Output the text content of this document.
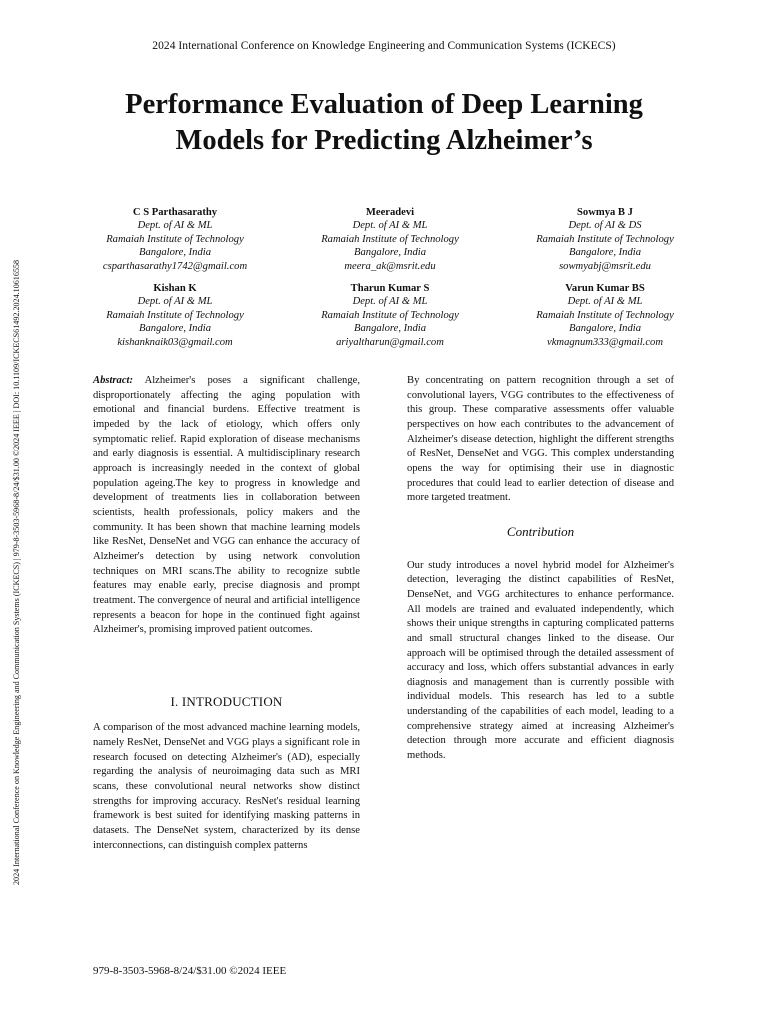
2024 International Conference on Knowledge Engineering and Communication Systems (ICKECS)
Performance Evaluation of Deep Learning
Models for Predicting Alzheimer’s
2024 International Conference on Knowledge Engineering and Communication Systems (ICKECS) | 979-8-3503-5968-8/24/$31.00 ©2024 IEEE | DOI: 10.1109/ICKECS61492.2024.10616558
C S Parthasarathy
Dept. of AI & ML
Ramaiah Institute of Technology
Bangalore, India
csparthasarathy1742@gmail.com
Meeradevi
Dept. of AI & ML
Ramaiah Institute of Technology
Bangalore, India
meera_ak@msrit.edu
Sowmya B J
Dept. of AI & DS
Ramaiah Institute of Technology
Bangalore, India
sowmyabj@msrit.edu
Kishan K
Dept. of AI & ML
Ramaiah Institute of Technology
Bangalore, India
kishanknaik03@gmail.com
Tharun Kumar S
Dept. of AI & ML
Ramaiah Institute of Technology
Bangalore, India
ariyaltharun@gmail.com
Varun Kumar BS
Dept. of AI & ML
Ramaiah Institute of Technology
Bangalore, India
vkmagnum333@gmail.com

Abstract: Alzheimer's poses a significant challenge, disproportionately affecting the aging population with emotional and financial burdens. Effective treatment is impeded by the lack of etiology, which offers only symptomatic relief. Rapid exploration of disease mechanisms and early diagnosis is essential. A multidisciplinary research approach is increasingly needed in the context of global population ageing.The key to progress in knowledge and development of treatments lies in collaboration between scientists, health professionals, policy makers and the community. It has been shown that machine learning models like ResNet, DenseNet and VGG can enhance the accuracy of Alzheimer's detection by using network convolution techniques on MRI scans.The ability to recognize subtle features may enable early, precise diagnosis and prompt treatment. The convergence of neural and artificial intelligence represents a beacon for hope in the continued fight against Alzheimer's, promising improved patient outcomes.

I. INTRODUCTION

A comparison of the most advanced machine learning models, namely ResNet, DenseNet and VGG plays a significant role in research focused on detecting Alzheimer's (AD), especially regarding the analysis of neuroimaging data such as MRI scans, these convolutional neural networks show distinct strengths for improving accuracy. ResNet's residual learning framework is best suited for identifying masking patterns in datasets. The DenseNet system, characterized by its dense interconnections, can distinguish complex patterns

By concentrating on pattern recognition through a set of convolutional layers, VGG contributes to the effectiveness of this group. These comparative assessments offer valuable perspectives on how each contributes to the advancement of Alzheimer's disease detection, highlight the different strengths of ResNet, DenseNet and VGG. This complex understanding opens the way for optimising their use in diagnostic procedures that could lead to earlier detection of disease and more targeted treatment.

Contribution

Our study introduces a novel hybrid model for Alzheimer's detection, leveraging the distinct capabilities of ResNet, DenseNet, and VGG architectures to enhance performance. All models are trained and evaluated independently, which shows their unique strengths in capturing complicated patterns and small structural changes linked to the disease. Our approach will be optimised through the detailed assessment of accuracy and loss, which offers substantial advances in early diagnosis and management than is currently possible with individual models. This research has led to a subtle understanding of the capabilities of each model, leading to a comprehensive strategy aimed at increasing Alzheimer's detection through more accurate and efficient diagnosis methods.

979-8-3503-5968-8/24/$31.00 ©2024 IEEE
